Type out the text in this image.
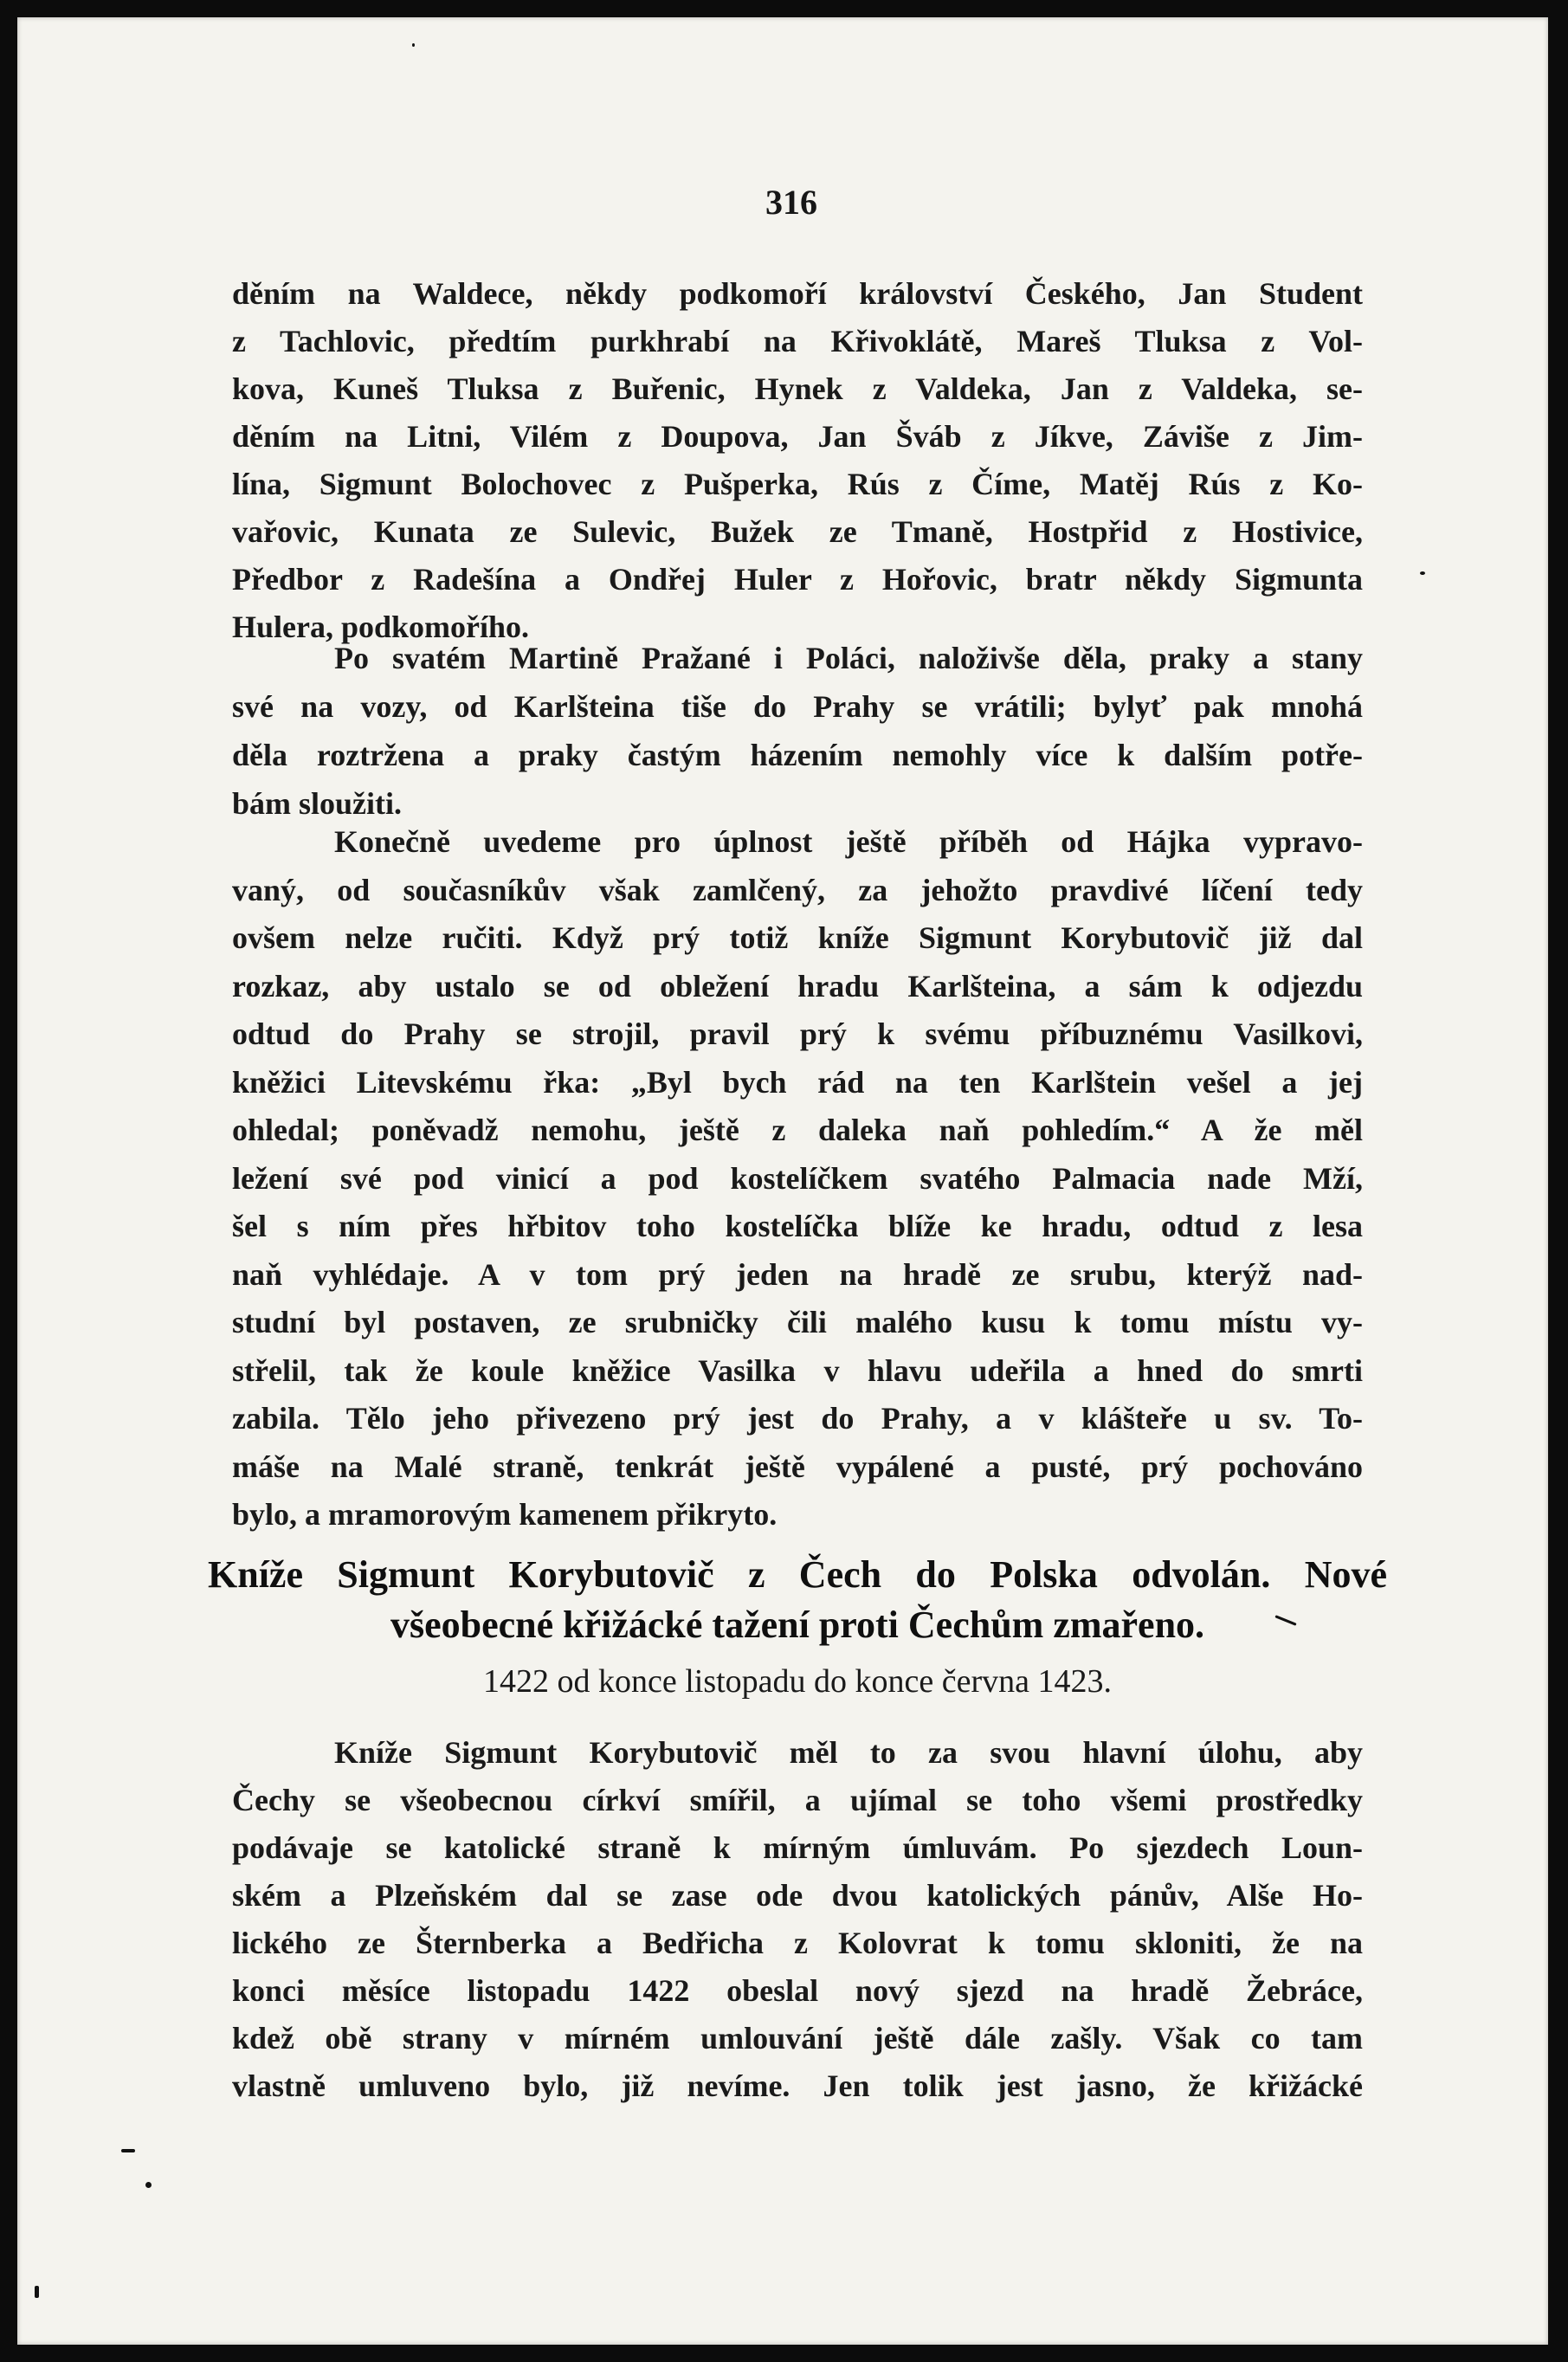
316
děním na Waldece, někdy podkomoří království Českého, Jan Student
z Tachlovic, předtím purkhrabí na Křivoklátě, Mareš Tluksa z Vol-
kova, Kuneš Tluksa z Buřenic, Hynek z Valdeka, Jan z Valdeka, se-
děním na Litni, Vilém z Doupova, Jan Šváb z Jíkve, Záviše z Jim-
lína, Sigmunt Bolochovec z Pušperka, Rús z Číme, Matěj Rús z Ko-
vařovic, Kunata ze Sulevic, Bužek ze Tmaně, Hostpřid z Hostivice,
Předbor z Radešína a Ondřej Huler z Hořovic, bratr někdy Sigmunta
Hulera, podkomořího.
Po svatém Martině Pražané i Poláci, naloživše děla, praky a stany
své na vozy, od Karlšteina tiše do Prahy se vrátili; bylyť pak mnohá
děla roztržena a praky častým házením nemohly více k dalším potře-
bám sloužiti.
Konečně uvedeme pro úplnost ještě příběh od Hájka vypravo-
vaný, od současníkův však zamlčený, za jehožto pravdivé líčení tedy
ovšem nelze ručiti. Když prý totiž kníže Sigmunt Korybutovič již dal
rozkaz, aby ustalo se od obležení hradu Karlšteina, a sám k odjezdu
odtud do Prahy se strojil, pravil prý k svému příbuznému Vasilkovi,
kněžici Litevskému řka: „Byl bych rád na ten Karlštein vešel a jej
ohledal; poněvadž nemohu, ještě z daleka naň pohledím.“ A že měl
ležení své pod vinicí a pod kostelíčkem svatého Palmacia nade Mží,
šel s ním přes hřbitov toho kostelíčka blíže ke hradu, odtud z lesa
naň vyhlédaje. A v tom prý jeden na hradě ze srubu, kterýž nad-
studní byl postaven, ze srubničky čili malého kusu k tomu místu vy-
střelil, tak že koule kněžice Vasilka v hlavu udeřila a hned do smrti
zabila. Tělo jeho přivezeno prý jest do Prahy, a v klášteře u sv. To-
máše na Malé straně, tenkrát ještě vypálené a pusté, prý pochováno
bylo, a mramorovým kamenem přikryto.
Kníže Sigmunt Korybutovič z Čech do Polska odvolán. Nové
všeobecné křižácké tažení proti Čechům zmařeno.
1422 od konce listopadu do konce června 1423.
Kníže Sigmunt Korybutovič měl to za svou hlavní úlohu, aby
Čechy se všeobecnou církví smířil, a ujímal se toho všemi prostředky
podávaje se katolické straně k mírným úmluvám. Po sjezdech Loun-
ském a Plzeňském dal se zase ode dvou katolických pánův, Alše Ho-
lického ze Šternberka a Bedřicha z Kolovrat k tomu skloniti, že na
konci měsíce listopadu 1422 obeslal nový sjezd na hradě Žebráce,
kdež obě strany v mírném umlouvání ještě dále zašly. Však co tam
vlastně umluveno bylo, již nevíme. Jen tolik jest jasno, že křižácké
